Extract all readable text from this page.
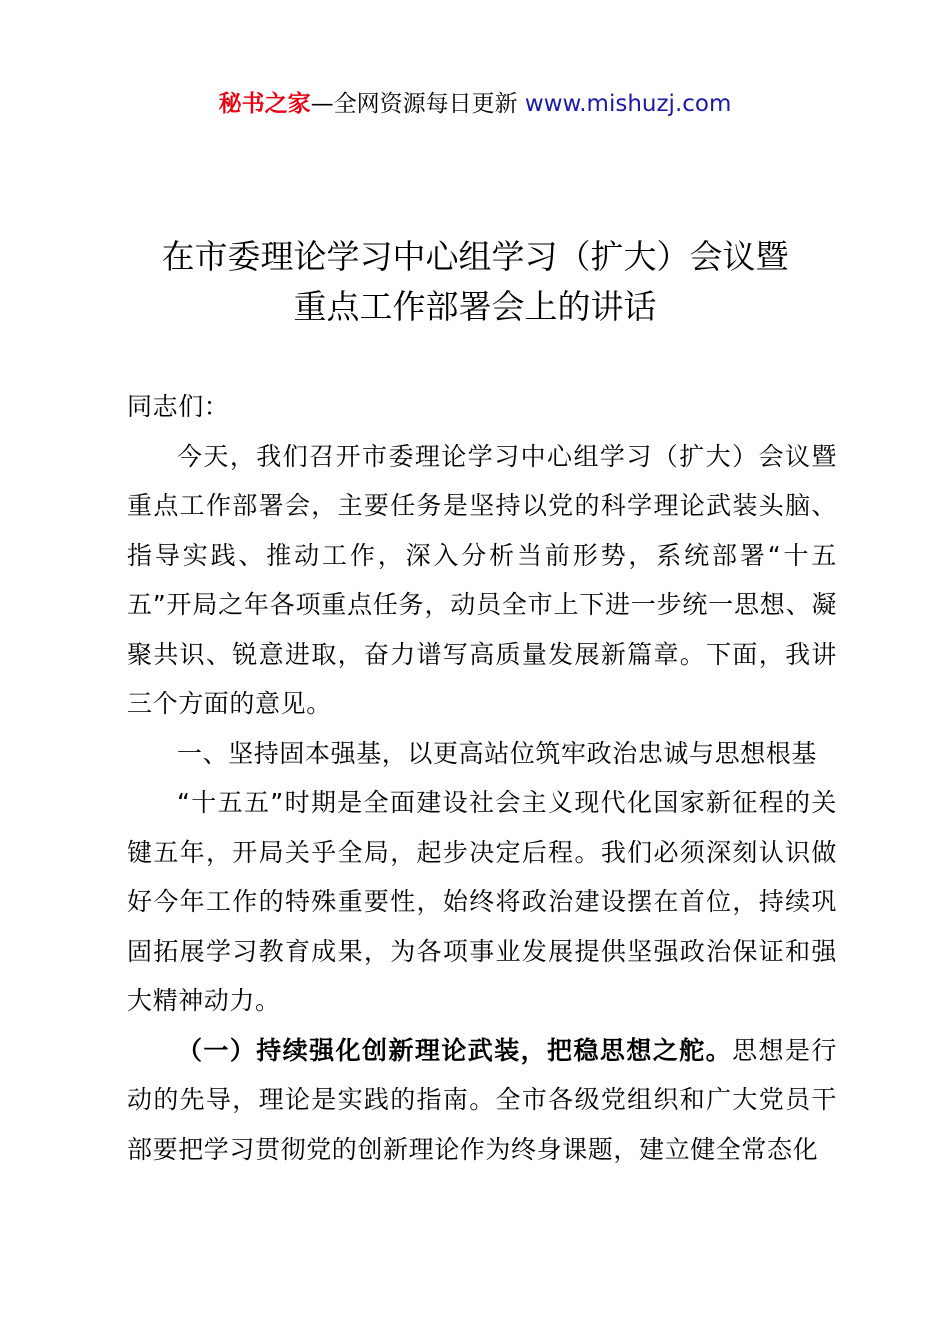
秘书之家—全网资源每日更新 www.mishuzj.com
在市委理论学习中心组学习（扩大）会议暨
重点工作部署会上的讲话

同志们：

今天，我们召开市委理论学习中心组学习（扩大）会议暨重点工作部署会，主要任务是坚持以党的科学理论武装头脑、指导实践、推动工作，深入分析当前形势，系统部署“十五五”开局之年各项重点任务，动员全市上下进一步统一思想、凝聚共识、锐意进取，奋力谱写高质量发展新篇章。下面，我讲三个方面的意见。

一、坚持固本强基，以更高站位筑牢政治忠诚与思想根基

“十五五”时期是全面建设社会主义现代化国家新征程的关键五年，开局关乎全局，起步决定后程。我们必须深刻认识做好今年工作的特殊重要性，始终将政治建设摆在首位，持续巩固拓展学习教育成果，为各项事业发展提供坚强政治保证和强大精神动力。

（一）持续强化创新理论武装，把稳思想之舵。思想是行动的先导，理论是实践的指南。全市各级党组织和广大党员干部要把学习贯彻党的创新理论作为终身课题，建立健全常态化
